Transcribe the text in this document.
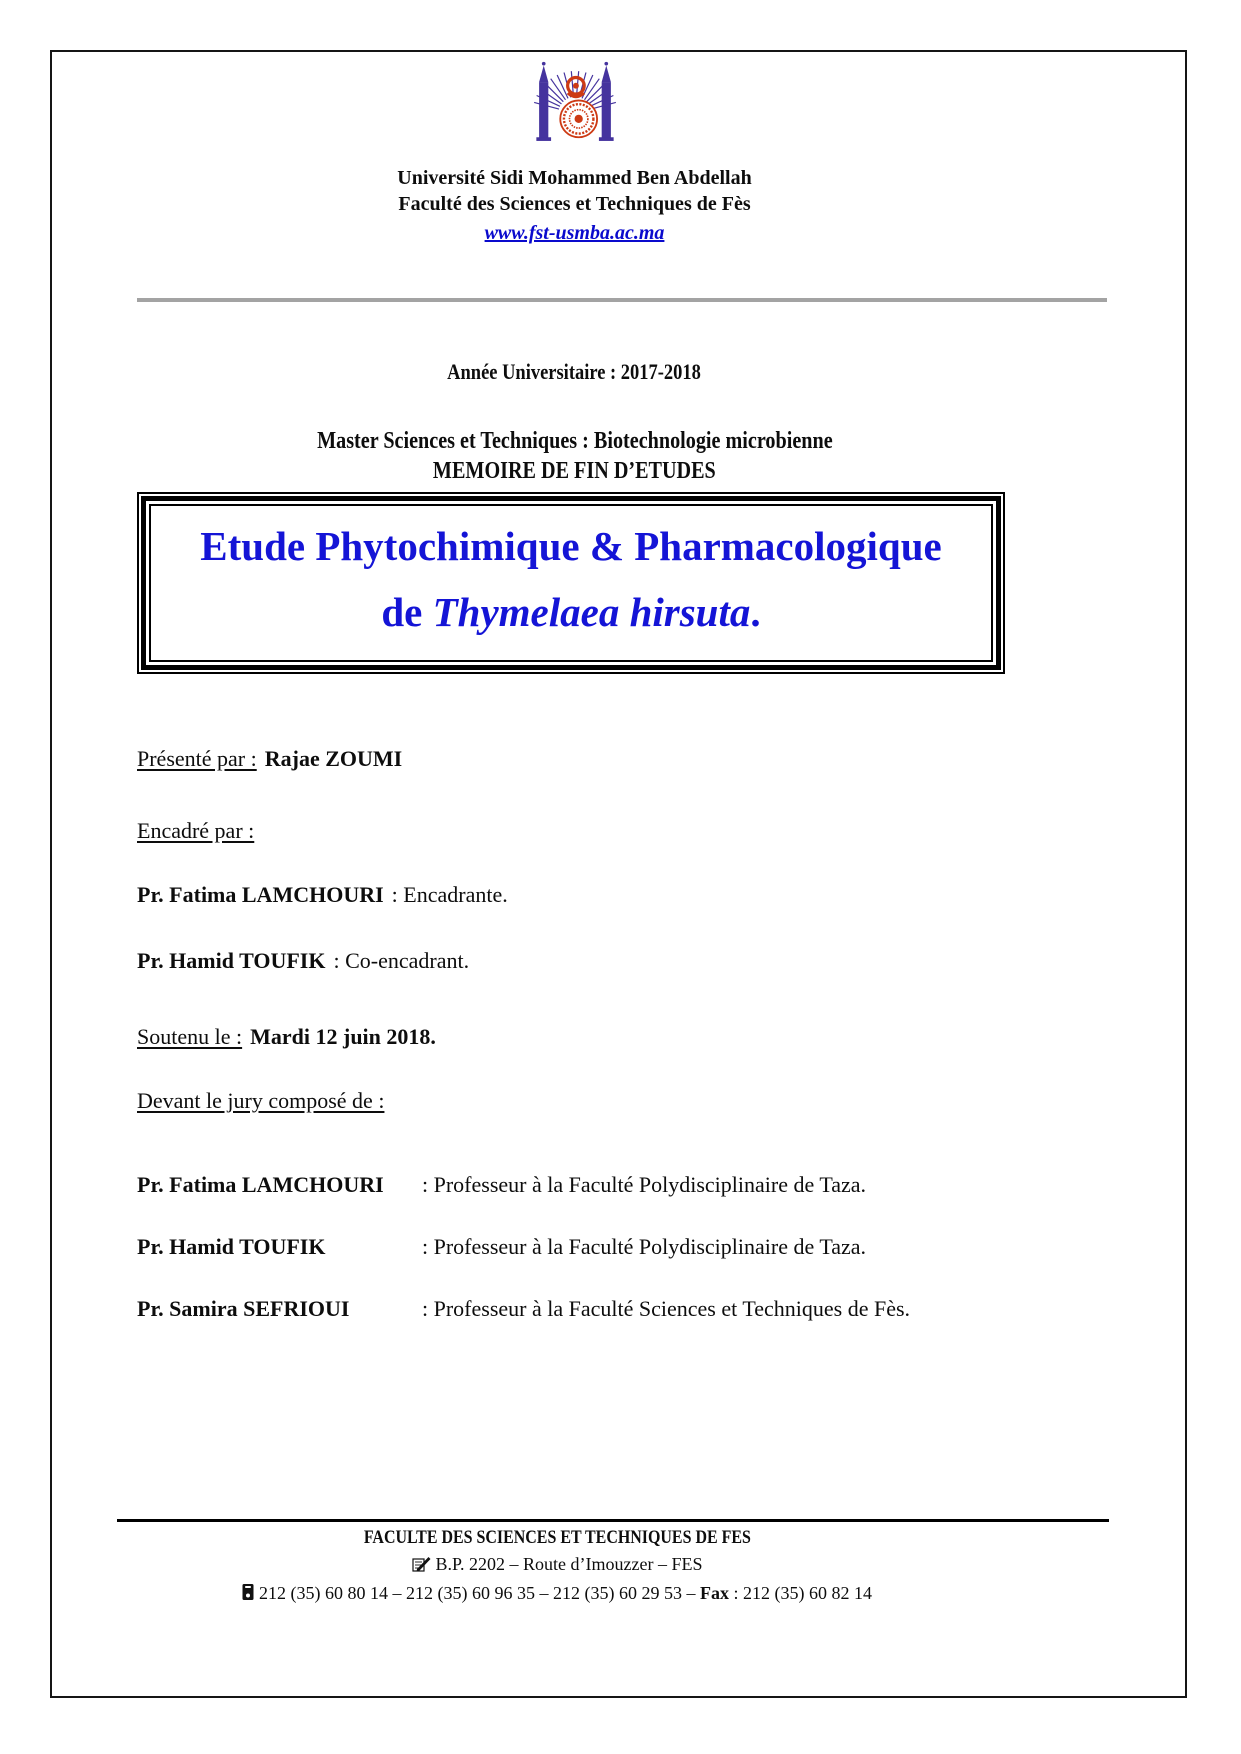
Université Sidi Mohammed Ben Abdellah
Faculté des Sciences et Techniques de Fès
www.fst-usmba.ac.ma
Année Universitaire : 2017-2018
Master Sciences et Techniques : Biotechnologie microbienne
MEMOIRE DE FIN D’ETUDES
Etude Phytochimique & Pharmacologique
de Thymelaea hirsuta.
Présenté par : Rajae ZOUMI
Encadré par :
Pr. Fatima LAMCHOURI : Encadrante.
Pr. Hamid TOUFIK : Co-encadrant.
Soutenu le : Mardi 12 juin 2018.
Devant le jury composé de :
Pr. Fatima LAMCHOURI	: Professeur à la Faculté Polydisciplinaire de Taza.
Pr. Hamid TOUFIK	: Professeur à la Faculté Polydisciplinaire de Taza.
Pr. Samira SEFRIOUI	: Professeur à la Faculté Sciences et Techniques de Fès.
FACULTE DES SCIENCES ET TECHNIQUES DE FES
B.P. 2202 – Route d’Imouzzer – FES
212 (35) 60 80 14 – 212 (35) 60 96 35 – 212 (35) 60 29 53 – Fax : 212 (35) 60 82 14
